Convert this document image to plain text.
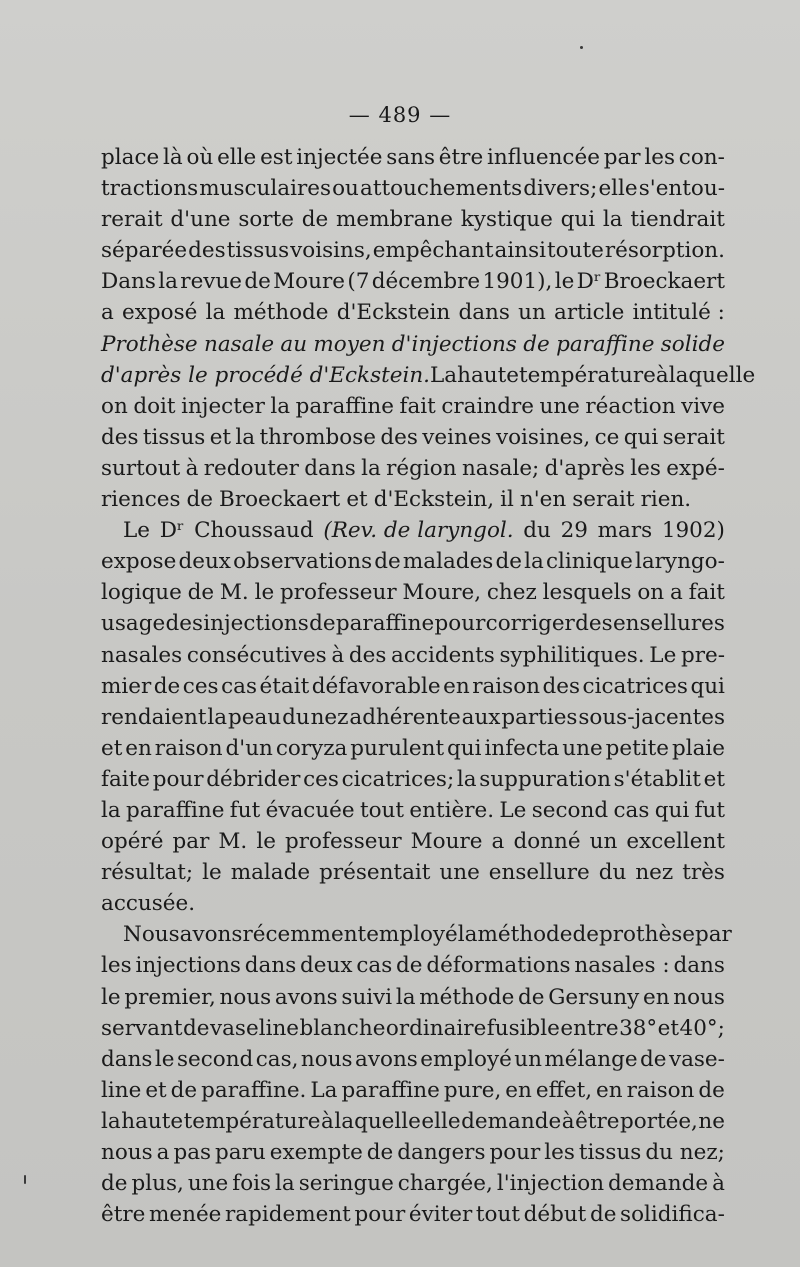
— 489 —
place là où elle est injectée sans être influencée par les con-
tractions musculaires ou attouchements divers; elle s'entou-
rerait d'une sorte de membrane kystique qui la tiendrait
séparée des tissus voisins, empêchant ainsi toute résorption.
Dans la revue de Moure (7 décembre 1901), le Dʳ Broeckaert
a exposé la méthode d'Eckstein dans un article intitulé :
Prothèse nasale au moyen d'injections de paraffine solide
d'après le procédé d'Eckstein. La haute température à laquelle
on doit injecter la paraffine fait craindre une réaction vive
des tissus et la thrombose des veines voisines, ce qui serait
surtout à redouter dans la région nasale; d'après les expé-
riences de Broeckaert et d'Eckstein, il n'en serait rien.
Le Dʳ Choussaud (Rev. de laryngol. du 29 mars 1902)
expose deux observations de malades de la clinique laryngo-
logique de M. le professeur Moure, chez lesquels on a fait
usage des injections de paraffine pour corriger des ensellures
nasales consécutives à des accidents syphilitiques. Le pre-
mier de ces cas était défavorable en raison des cicatrices qui
rendaient la peau du nez adhérente aux parties sous-jacentes
et en raison d'un coryza purulent qui infecta une petite plaie
faite pour débrider ces cicatrices; la suppuration s'établit et
la paraffine fut évacuée tout entière. Le second cas qui fut
opéré par M. le professeur Moure a donné un excellent
résultat; le malade présentait une ensellure du nez très
accusée.
Nous avons récemment employé la méthode de prothèse par
les injections dans deux cas de déformations nasales : dans
le premier, nous avons suivi la méthode de Gersuny en nous
servant de vaseline blanche ordinaire fusible entre 38° et 40°;
dans le second cas, nous avons employé un mélange de vase-
line et de paraffine. La paraffine pure, en effet, en raison de
la haute température à laquelle elle demande à être portée, ne
nous a pas paru exempte de dangers pour les tissus du nez;
de plus, une fois la seringue chargée, l'injection demande à
être menée rapidement pour éviter tout début de solidifica-
